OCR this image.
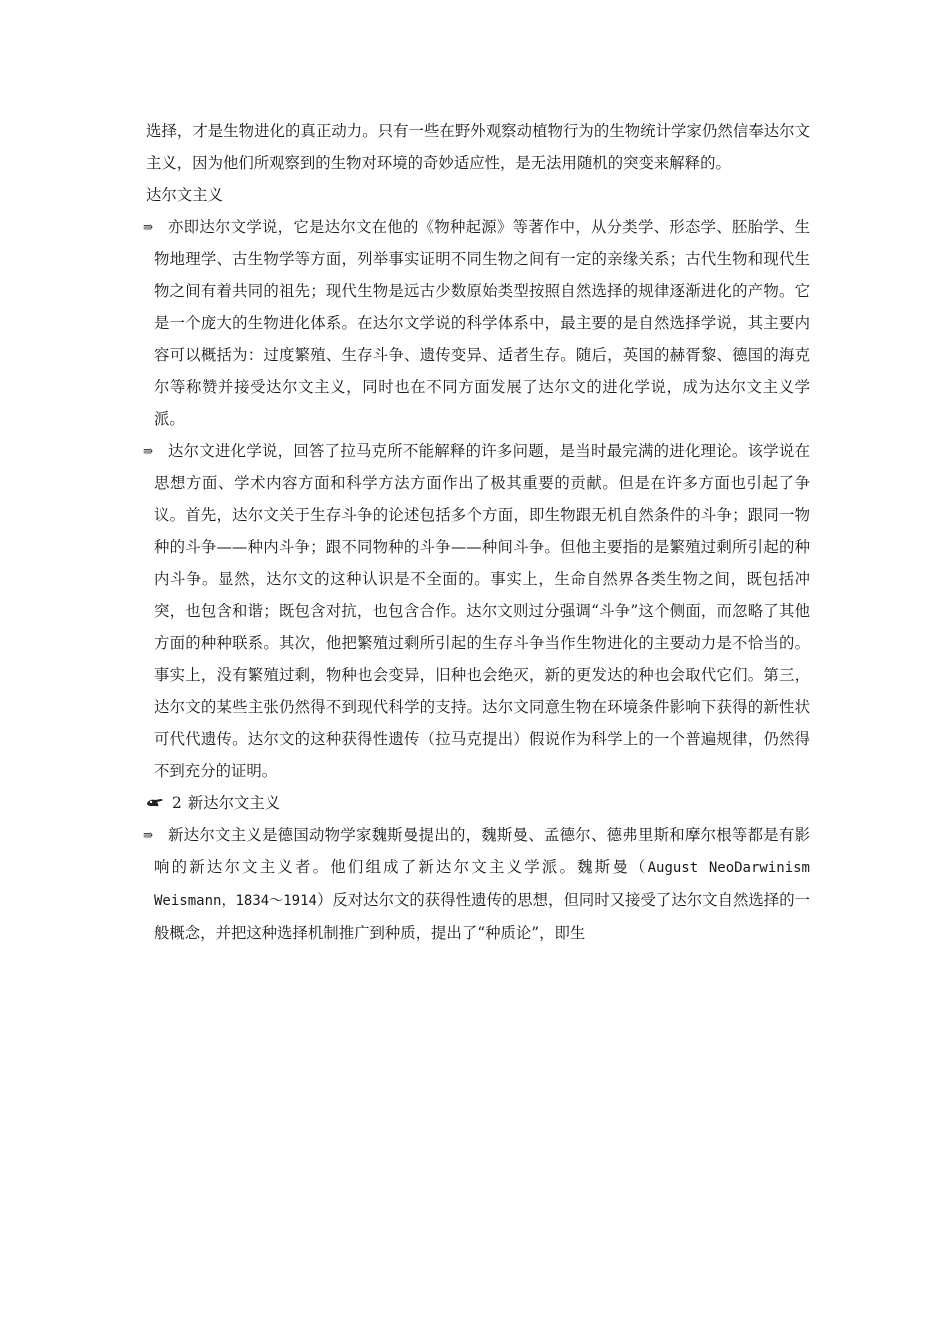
选择，才是生物进化的真正动力。只有一些在野外观察动植物行为的生物统计学家仍然信奉达尔文主义，因为他们所观察到的生物对环境的奇妙适应性，是无法用随机的突变来解释的。

达尔文主义

⇛ 亦即达尔文学说，它是达尔文在他的《物种起源》等著作中，从分类学、形态学、胚胎学、生物地理学、古生物学等方面，列举事实证明不同生物之间有一定的亲缘关系；古代生物和现代生物之间有着共同的祖先；现代生物是远古少数原始类型按照自然选择的规律逐渐进化的产物。它是一个庞大的生物进化体系。在达尔文学说的科学体系中，最主要的是自然选择学说，其主要内容可以概括为：过度繁殖、生存斗争、遗传变异、适者生存。随后，英国的赫胥黎、德国的海克尔等称赞并接受达尔文主义，同时也在不同方面发展了达尔文的进化学说，成为达尔文主义学派。
⇛ 达尔文进化学说，回答了拉马克所不能解释的许多问题，是当时最完满的进化理论。该学说在思想方面、学术内容方面和科学方法方面作出了极其重要的贡献。但是在许多方面也引起了争议。首先，达尔文关于生存斗争的论述包括多个方面，即生物跟无机自然条件的斗争；跟同一物种的斗争——种内斗争；跟不同物种的斗争——种间斗争。但他主要指的是繁殖过剩所引起的种内斗争。显然，达尔文的这种认识是不全面的。事实上，生命自然界各类生物之间，既包括冲突，也包含和谐；既包含对抗，也包含合作。达尔文则过分强调“斗争”这个侧面，而忽略了其他方面的种种联系。其次，他把繁殖过剩所引起的生存斗争当作生物进化的主要动力是不恰当的。事实上，没有繁殖过剩，物种也会变异，旧种也会绝灭，新的更发达的种也会取代它们。第三，达尔文的某些主张仍然得不到现代科学的支持。达尔文同意生物在环境条件影响下获得的新性状可代代遗传。达尔文的这种获得性遗传（拉马克提出）假说作为科学上的一个普遍规律，仍然得不到充分的证明。
2 新达尔文主义
⇛ 新达尔文主义是德国动物学家魏斯曼提出的，魏斯曼、孟德尔、德弗里斯和摩尔根等都是有影响的新达尔文主义者。他们组成了新达尔文主义学派。魏斯曼（August NeoDarwinism Weismann，1834～1914）反对达尔文的获得性遗传的思想，但同时又接受了达尔文自然选择的一般概念，并把这种选择机制推广到种质，提出了“种质论”，即生
